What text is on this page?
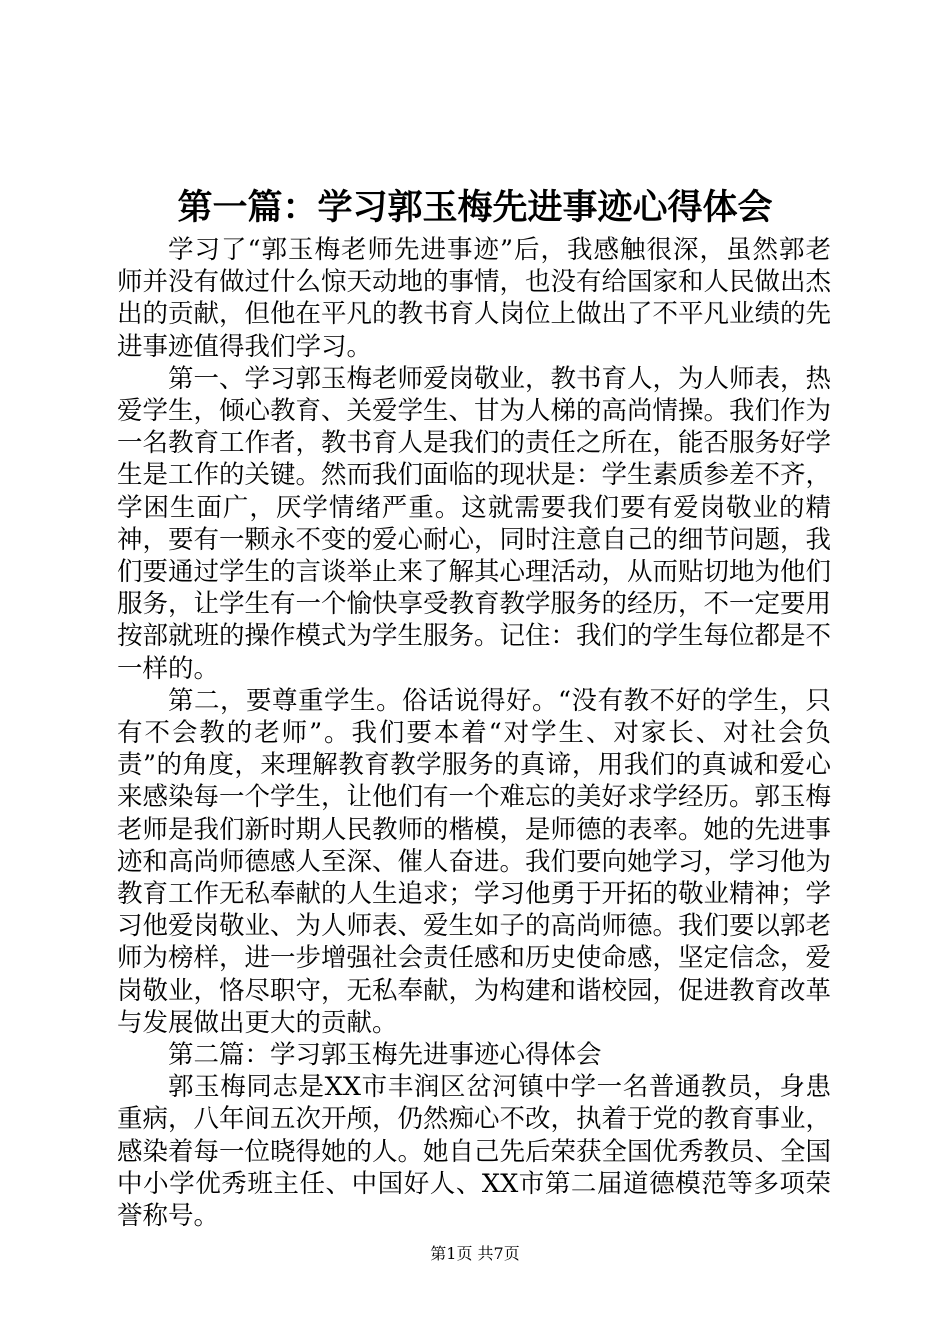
第一篇：学习郭玉梅先进事迹心得体会

学习了“郭玉梅老师先进事迹”后，我感触很深，虽然郭老师并没有做过什么惊天动地的事情，也没有给国家和人民做出杰出的贡献，但他在平凡的教书育人岗位上做出了不平凡业绩的先进事迹值得我们学习。

第一、学习郭玉梅老师爱岗敬业，教书育人，为人师表，热爱学生，倾心教育、关爱学生、甘为人梯的高尚情操。我们作为一名教育工作者，教书育人是我们的责任之所在，能否服务好学生是工作的关键。然而我们面临的现状是：学生素质参差不齐，学困生面广，厌学情绪严重。这就需要我们要有爱岗敬业的精神，要有一颗永不变的爱心耐心，同时注意自己的细节问题，我们要通过学生的言谈举止来了解其心理活动，从而贴切地为他们服务，让学生有一个愉快享受教育教学服务的经历，不一定要用按部就班的操作模式为学生服务。记住：我们的学生每位都是不一样的。

第二，要尊重学生。俗话说得好。“没有教不好的学生，只有不会教的老师”。我们要本着“对学生、对家长、对社会负责”的角度，来理解教育教学服务的真谛，用我们的真诚和爱心来感染每一个学生，让他们有一个难忘的美好求学经历。郭玉梅老师是我们新时期人民教师的楷模，是师德的表率。她的先进事迹和高尚师德感人至深、催人奋进。我们要向她学习，学习他为教育工作无私奉献的人生追求；学习他勇于开拓的敬业精神；学习他爱岗敬业、为人师表、爱生如子的高尚师德。我们要以郭老师为榜样，进一步增强社会责任感和历史使命感，坚定信念，爱岗敬业，恪尽职守，无私奉献，为构建和谐校园，促进教育改革与发展做出更大的贡献。

第二篇：学习郭玉梅先进事迹心得体会

郭玉梅同志是XX市丰润区岔河镇中学一名普通教员，身患重病，八年间五次开颅，仍然痴心不改，执着于党的教育事业，感染着每一位晓得她的人。她自己先后荣获全国优秀教员、全国中小学优秀班主任、中国好人、XX市第二届道德模范等多项荣誉称号。

第1页 共7页
